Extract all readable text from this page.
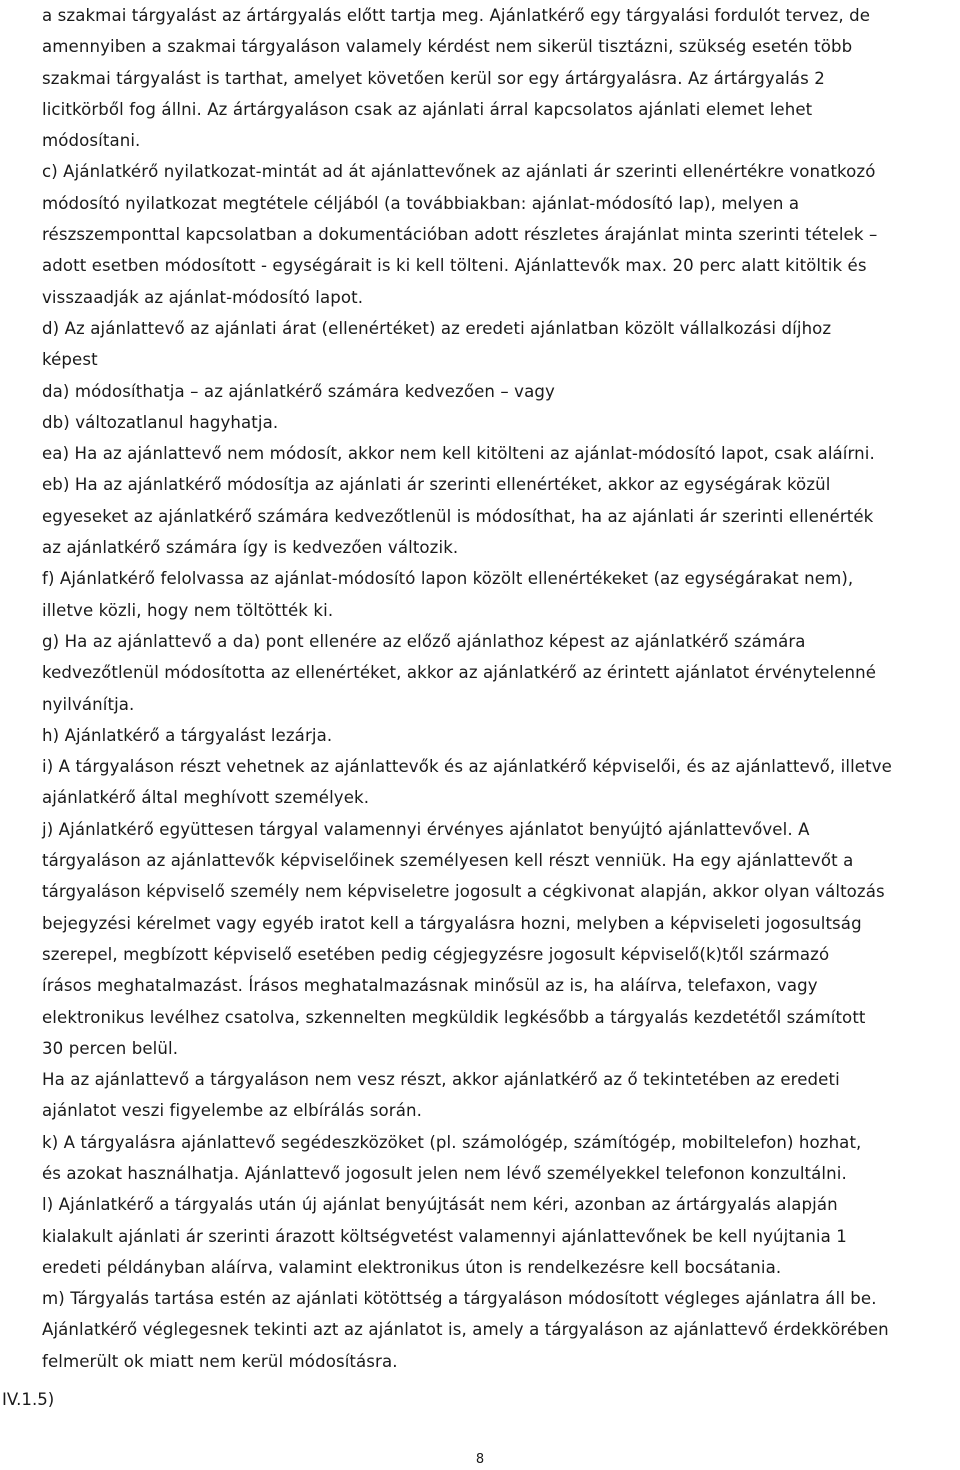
a szakmai tárgyalást az ártárgyalás előtt tartja meg. Ajánlatkérő egy tárgyalási fordulót tervez, de
amennyiben a szakmai tárgyaláson valamely kérdést nem sikerül tisztázni, szükség esetén több
szakmai tárgyalást is tarthat, amelyet követően kerül sor egy ártárgyalásra. Az ártárgyalás 2
licitkörből fog állni. Az ártárgyaláson csak az ajánlati árral kapcsolatos ajánlati elemet lehet
módosítani.
c) Ajánlatkérő nyilatkozat-mintát ad át ajánlattevőnek az ajánlati ár szerinti ellenértékre vonatkozó
módosító nyilatkozat megtétele céljából (a továbbiakban: ajánlat-módosító lap), melyen a
részszemponttal kapcsolatban a dokumentációban adott részletes árajánlat minta szerinti tételek –
adott esetben módosított - egységárait is ki kell tölteni. Ajánlattevők max. 20 perc alatt kitöltik és
visszaadják az ajánlat-módosító lapot.
d) Az ajánlattevő az ajánlati árat (ellenértéket) az eredeti ajánlatban közölt vállalkozási díjhoz
képest
da) módosíthatja – az ajánlatkérő számára kedvezően – vagy
db) változatlanul hagyhatja.
ea) Ha az ajánlattevő nem módosít, akkor nem kell kitölteni az ajánlat-módosító lapot, csak aláírni.
eb) Ha az ajánlatkérő módosítja az ajánlati ár szerinti ellenértéket, akkor az egységárak közül
egyeseket az ajánlatkérő számára kedvezőtlenül is módosíthat, ha az ajánlati ár szerinti ellenérték
az ajánlatkérő számára így is kedvezően változik.
f) Ajánlatkérő felolvassa az ajánlat-módosító lapon közölt ellenértékeket (az egységárakat nem),
illetve közli, hogy nem töltötték ki.
g) Ha az ajánlattevő a da) pont ellenére az előző ajánlathoz képest az ajánlatkérő számára
kedvezőtlenül módosította az ellenértéket, akkor az ajánlatkérő az érintett ajánlatot érvénytelenné
nyilvánítja.
h) Ajánlatkérő a tárgyalást lezárja.
i) A tárgyaláson részt vehetnek az ajánlattevők és az ajánlatkérő képviselői, és az ajánlattevő, illetve
ajánlatkérő által meghívott személyek.
j) Ajánlatkérő együttesen tárgyal valamennyi érvényes ajánlatot benyújtó ajánlattevővel. A
tárgyaláson az ajánlattevők képviselőinek személyesen kell részt venniük. Ha egy ajánlattevőt a
tárgyaláson képviselő személy nem képviseletre jogosult a cégkivonat alapján, akkor olyan változás
bejegyzési kérelmet vagy egyéb iratot kell a tárgyalásra hozni, melyben a képviseleti jogosultság
szerepel, megbízott képviselő esetében pedig cégjegyzésre jogosult képviselő(k)től származó
írásos meghatalmazást. Írásos meghatalmazásnak minősül az is, ha aláírva, telefaxon, vagy
elektronikus levélhez csatolva, szkennelten megküldik legkésőbb a tárgyalás kezdetétől számított
30 percen belül.
Ha az ajánlattevő a tárgyaláson nem vesz részt, akkor ajánlatkérő az ő tekintetében az eredeti
ajánlatot veszi figyelembe az elbírálás során.
k) A tárgyalásra ajánlattevő segédeszközöket (pl. számológép, számítógép, mobiltelefon) hozhat,
és azokat használhatja. Ajánlattevő jogosult jelen nem lévő személyekkel telefonon konzultálni.
l) Ajánlatkérő a tárgyalás után új ajánlat benyújtását nem kéri, azonban az ártárgyalás alapján
kialakult ajánlati ár szerinti árazott költségvetést valamennyi ajánlattevőnek be kell nyújtania 1
eredeti példányban aláírva, valamint elektronikus úton is rendelkezésre kell bocsátania.
m) Tárgyalás tartása estén az ajánlati kötöttség a tárgyaláson módosított végleges ajánlatra áll be.
Ajánlatkérő véglegesnek tekinti azt az ajánlatot is, amely a tárgyaláson az ajánlattevő érdekkörében
felmerült ok miatt nem kerül módosításra.
IV.1.5)
8
